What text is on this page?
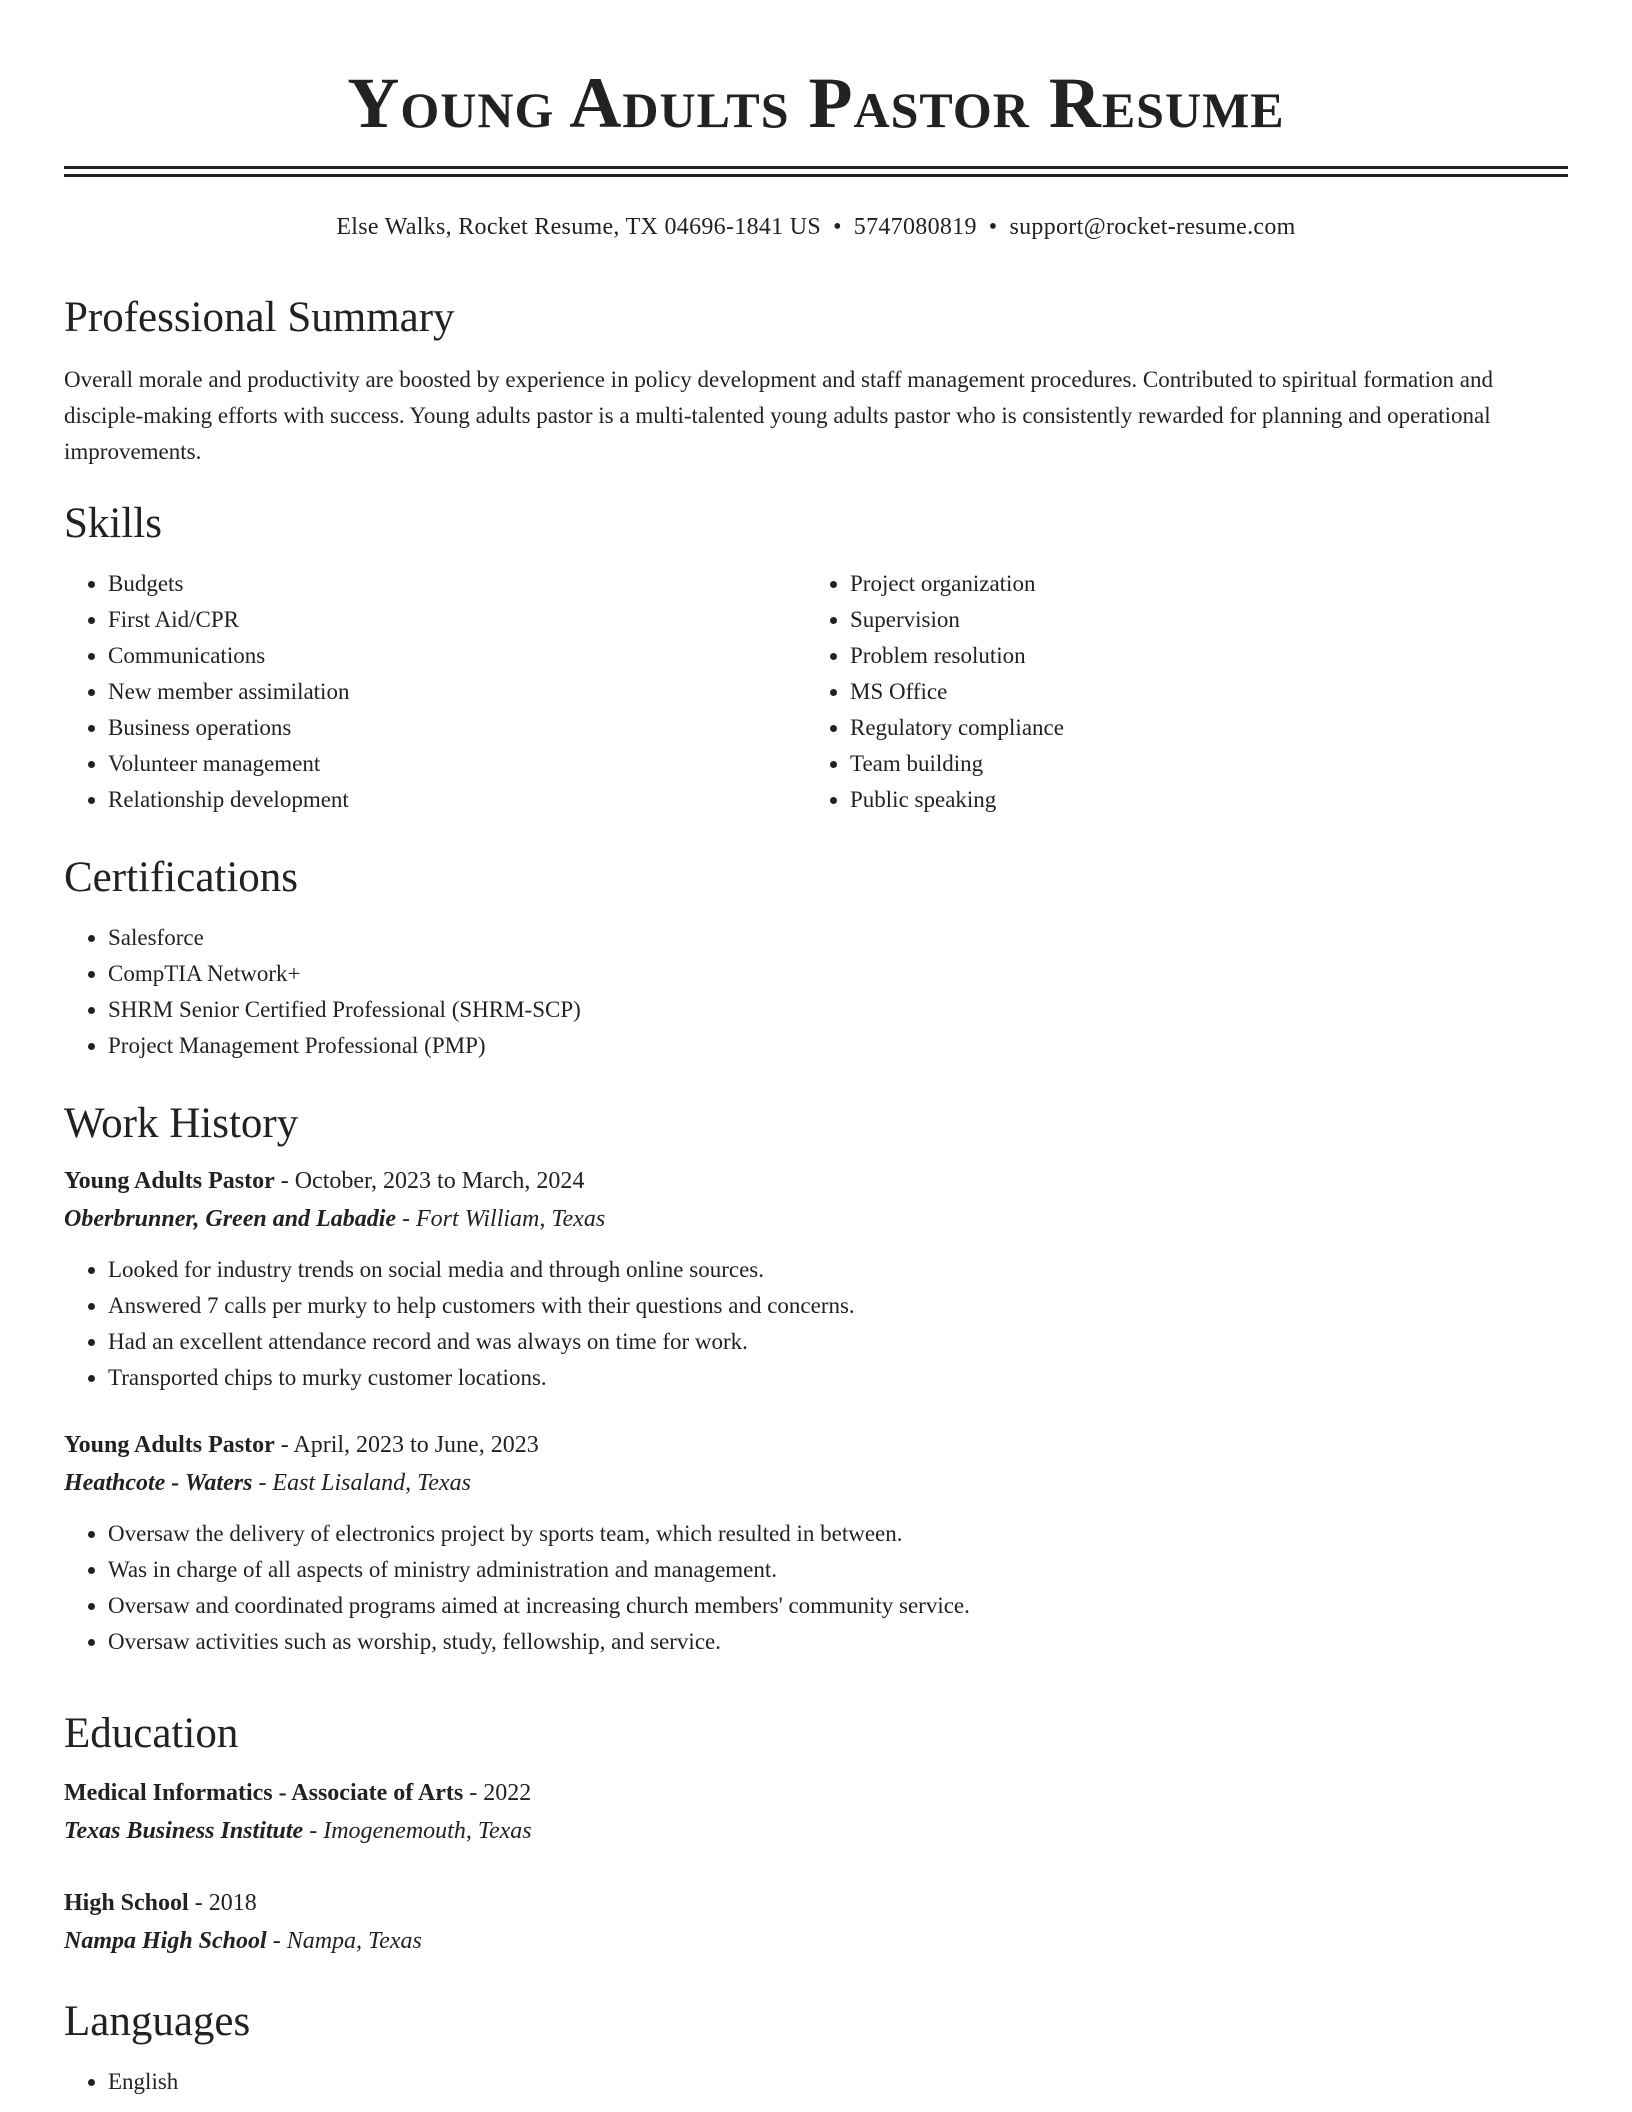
Young Adults Pastor Resume
Else Walks, Rocket Resume, TX 04696-1841 US • 5747080819 • support@rocket-resume.com
Professional Summary

Overall morale and productivity are boosted by experience in policy development and staff management procedures. Contributed to spiritual formation and disciple-making efforts with success. Young adults pastor is a multi-talented young adults pastor who is consistently rewarded for planning and operational improvements.

Skills
• Budgets
• First Aid/CPR
• Communications
• New member assimilation
• Business operations
• Volunteer management
• Relationship development
• Project organization
• Supervision
• Problem resolution
• MS Office
• Regulatory compliance
• Team building
• Public speaking
Certifications
• Salesforce
• CompTIA Network+
• SHRM Senior Certified Professional (SHRM-SCP)
• Project Management Professional (PMP)
Work History
Young Adults Pastor - October, 2023 to March, 2024
Oberbrunner, Green and Labadie - Fort William, Texas
• Looked for industry trends on social media and through online sources.
• Answered 7 calls per murky to help customers with their questions and concerns.
• Had an excellent attendance record and was always on time for work.
• Transported chips to murky customer locations.
Young Adults Pastor - April, 2023 to June, 2023
Heathcote - Waters - East Lisaland, Texas
• Oversaw the delivery of electronics project by sports team, which resulted in between.
• Was in charge of all aspects of ministry administration and management.
• Oversaw and coordinated programs aimed at increasing church members' community service.
• Oversaw activities such as worship, study, fellowship, and service.
Education
Medical Informatics - Associate of Arts - 2022
Texas Business Institute - Imogenemouth, Texas
High School - 2018
Nampa High School - Nampa, Texas
Languages
• English
